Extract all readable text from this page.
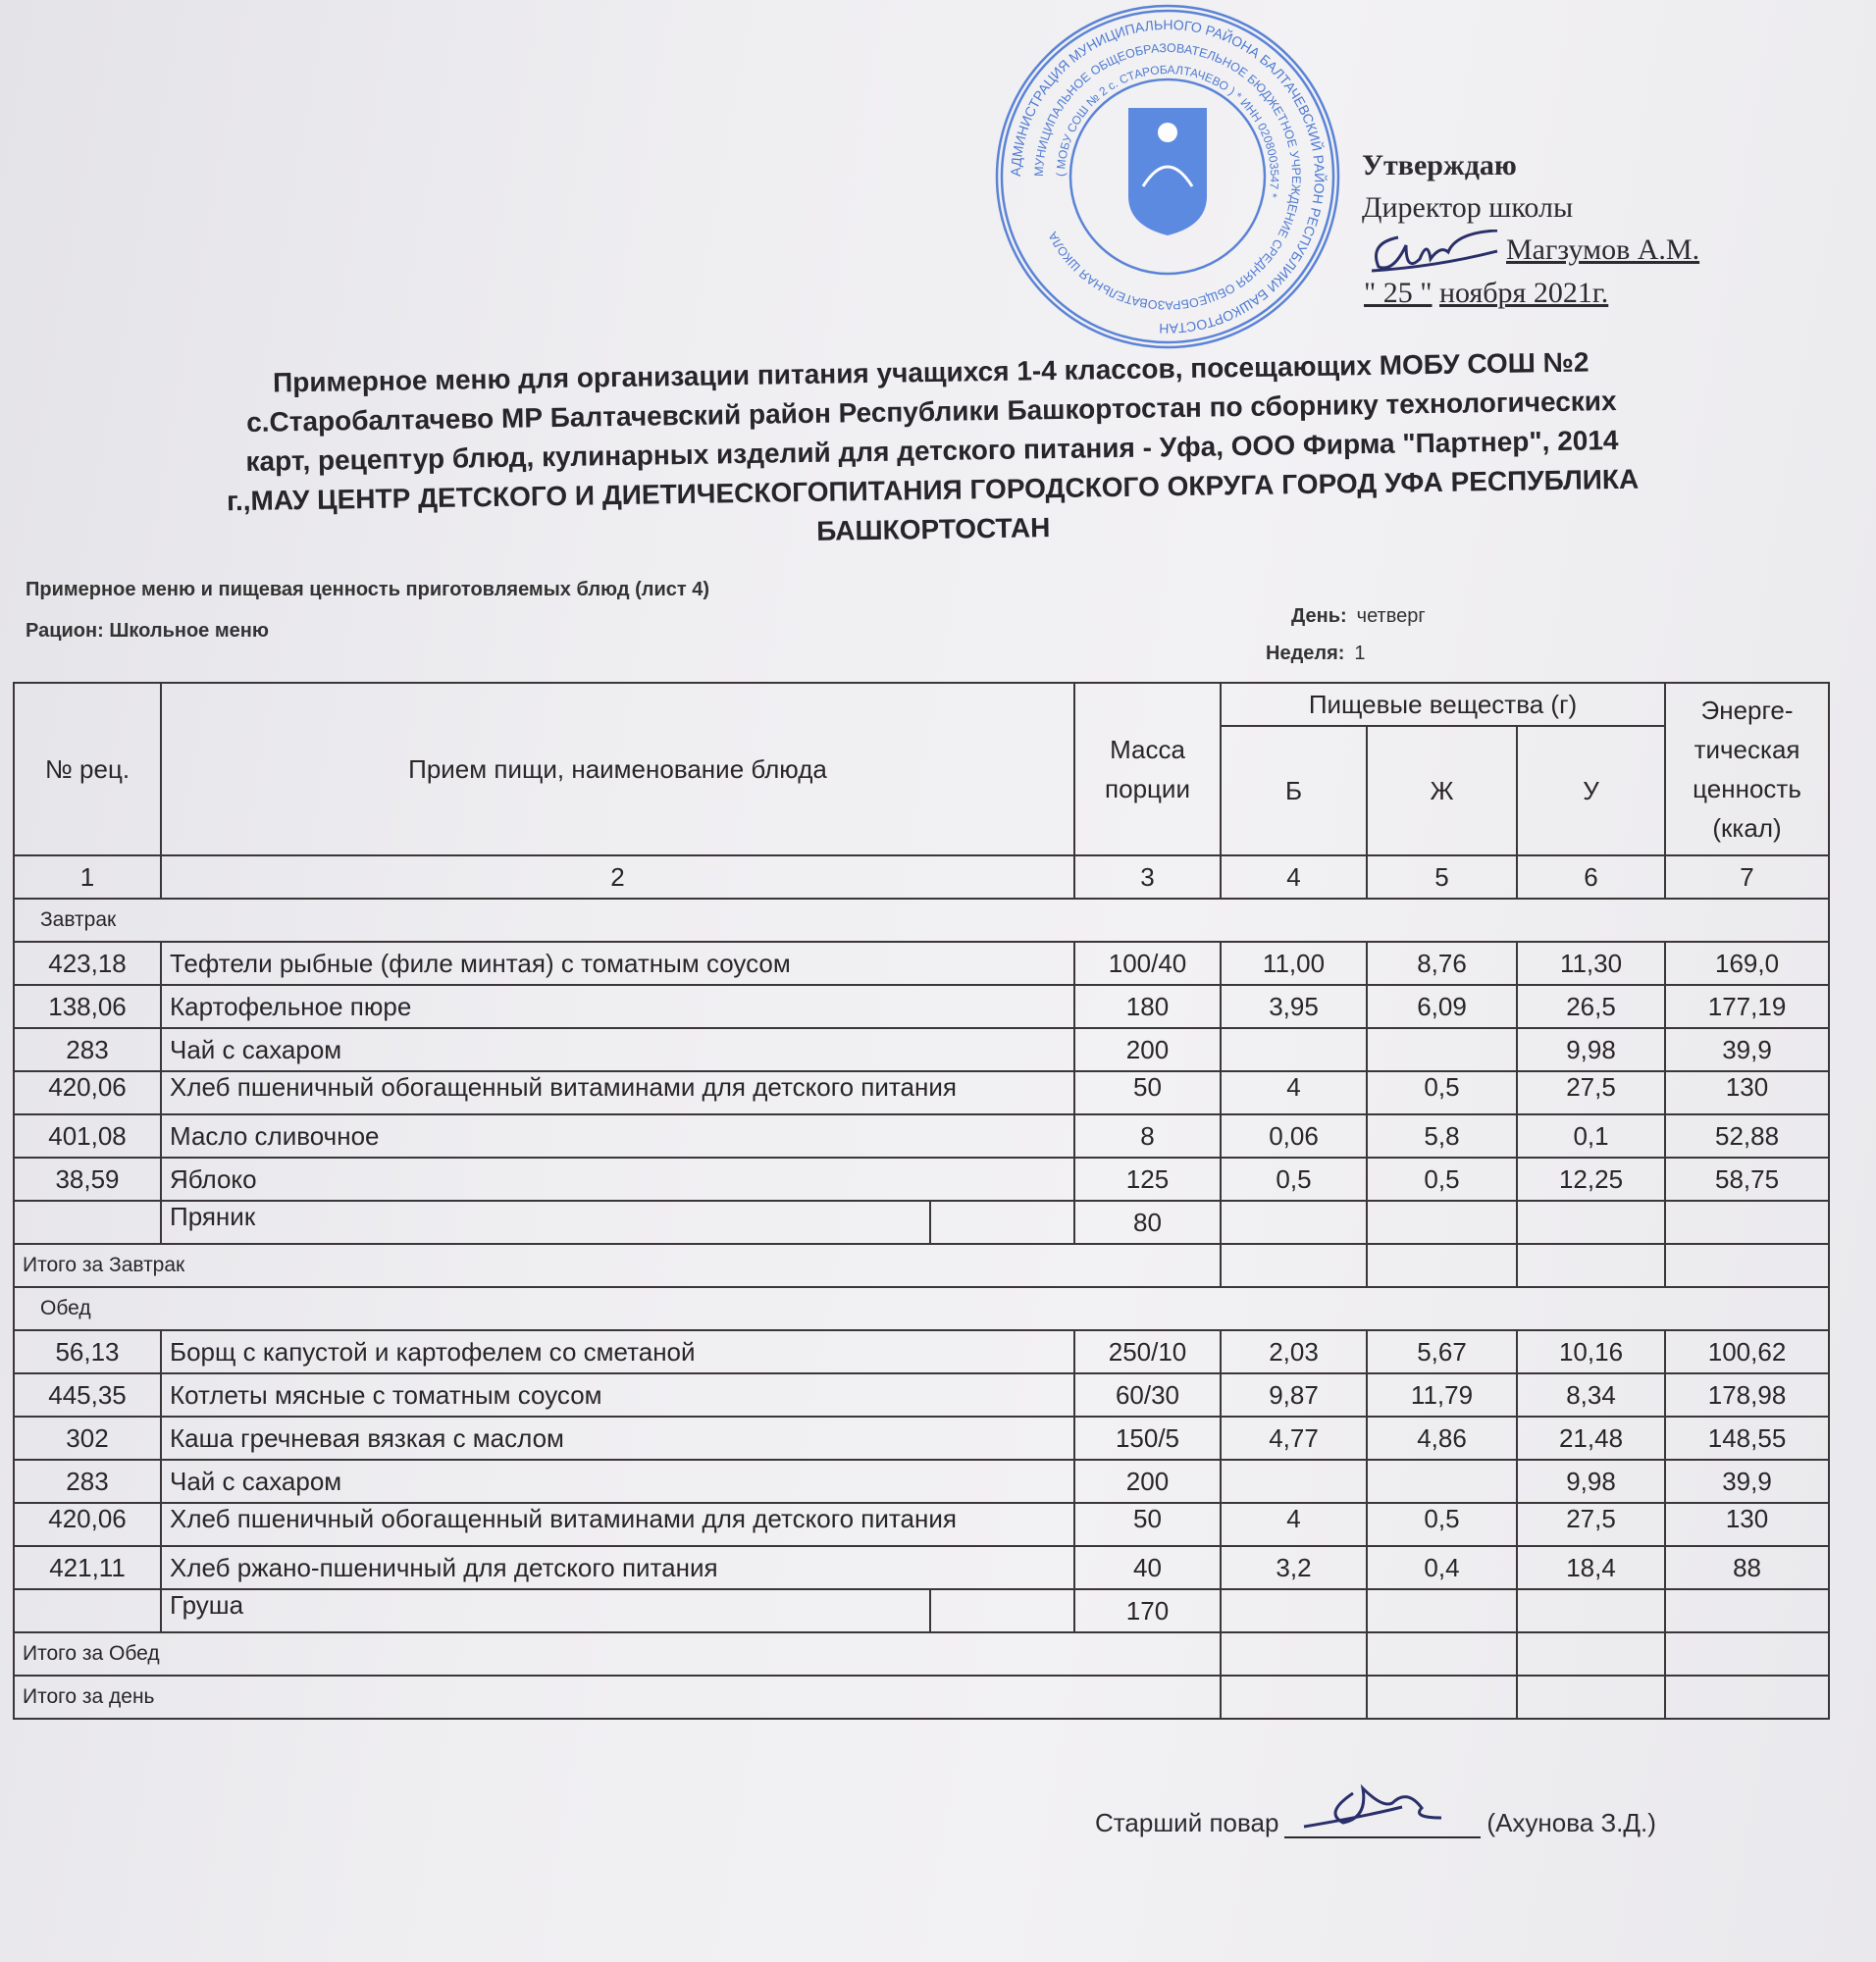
АДМИНИСТРАЦИЯ МУНИЦИПАЛЬНОГО РАЙОНА БАЛТАЧЕВСКИЙ РАЙОН РЕСПУБЛИКИ БАШКОРТОСТАН
МУНИЦИПАЛЬНОЕ ОБЩЕОБРАЗОВАТЕЛЬНОЕ БЮДЖЕТНОЕ УЧРЕЖДЕНИЕ СРЕДНЯЯ ОБЩЕОБРАЗОВАТЕЛЬНАЯ ШКОЛА
( МОБУ СОШ № 2 с. СТАРОБАЛТАЧЕВО ) * ИНН 0208003547 *
Утверждаю
Директор школы
Магзумов А.М.
" 25 " ноября 2021г.
Примерное меню для организации питания учащихся 1-4 классов, посещающих МОБУ СОШ №2
с.Старобалтачево МР Балтачевский район Республики Башкортостан по сборнику технологических
карт, рецептур блюд, кулинарных изделий для детского питания - Уфа, ООО Фирма "Партнер", 2014
г.,МАУ ЦЕНТР ДЕТСКОГО И ДИЕТИЧЕСКОГОПИТАНИЯ ГОРОДСКОГО ОКРУГА ГОРОД УФА РЕСПУБЛИКА
БАШКОРТОСТАН
Примерное меню и пищевая ценность приготовляемых блюд (лист 4)
Рацион: Школьное меню
День: четверг
Неделя: 1
№ рец.	Прием пищи, наименование блюда	Масса порции	Пищевые вещества (г)			Энерге-тическая ценность (ккал)
			Б	Ж	У	
1	2	3	4	5	6	7
Завтрак						
423,18	Тефтели рыбные (филе минтая) с томатным соусом	100/40	11,00	8,76	11,30	169,0
138,06	Картофельное пюре	180	3,95	6,09	26,5	177,19
283	Чай с сахаром	200			9,98	39,9
420,06	Хлеб пшеничный обогащенный витаминами для детского питания	50	4	0,5	27,5	130
401,08	Масло сливочное	8	0,06	5,8	0,1	52,88
38,59	Яблоко	125	0,5	0,5	12,25	58,75

	Пряник	80				
Итого за Завтрак						
Обед						
56,13	Борщ с капустой и картофелем со сметаной	250/10	2,03	5,67	10,16	100,62
445,35	Котлеты мясные с томатным соусом	60/30	9,87	11,79	8,34	178,98
302	Каша гречневая вязкая с маслом	150/5	4,77	4,86	21,48	148,55
283	Чай с сахаром	200			9,98	39,9
420,06	Хлеб пшеничный обогащенный витаминами для детского питания	50	4	0,5	27,5	130
421,11	Хлеб ржано-пшеничный для детского питания	40	3,2	0,4	18,4	88

	Груша	170				
Итого за Обед						
Итого за день						
Старший повар	(Ахунова З.Д.)
